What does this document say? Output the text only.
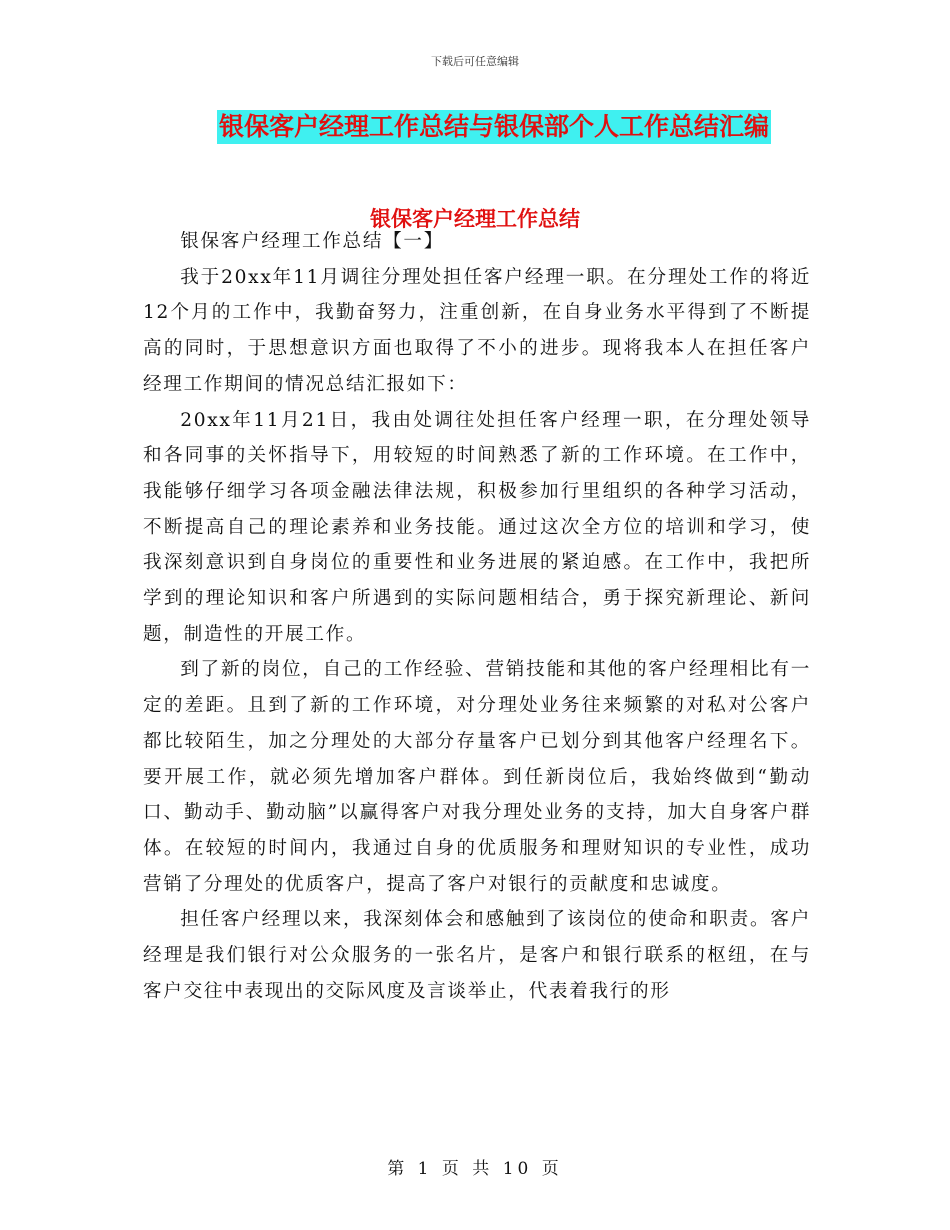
下载后可任意编辑
银保客户经理工作总结与银保部个人工作总结汇编
银保客户经理工作总结

银保客户经理工作总结【一】

我于20xx年11月调往分理处担任客户经理一职。在分理处工作的将近12个月的工作中，我勤奋努力，注重创新，在自身业务水平得到了不断提高的同时，于思想意识方面也取得了不小的进步。现将我本人在担任客户经理工作期间的情况总结汇报如下：

20xx年11月21日，我由处调往处担任客户经理一职，在分理处领导和各同事的关怀指导下，用较短的时间熟悉了新的工作环境。在工作中，我能够仔细学习各项金融法律法规，积极参加行里组织的各种学习活动，不断提高自己的理论素养和业务技能。通过这次全方位的培训和学习，使我深刻意识到自身岗位的重要性和业务进展的紧迫感。在工作中，我把所学到的理论知识和客户所遇到的实际问题相结合，勇于探究新理论、新问题，制造性的开展工作。

到了新的岗位，自己的工作经验、营销技能和其他的客户经理相比有一定的差距。且到了新的工作环境，对分理处业务往来频繁的对私对公客户都比较陌生，加之分理处的大部分存量客户已划分到其他客户经理名下。要开展工作，就必须先增加客户群体。到任新岗位后，我始终做到“勤动口、勤动手、勤动脑”以赢得客户对我分理处业务的支持，加大自身客户群体。在较短的时间内，我通过自身的优质服务和理财知识的专业性，成功营销了分理处的优质客户，提高了客户对银行的贡献度和忠诚度。

担任客户经理以来，我深刻体会和感触到了该岗位的使命和职责。客户经理是我们银行对公众服务的一张名片，是客户和银行联系的枢纽，在与客户交往中表现出的交际风度及言谈举止，代表着我行的形

第 1 页 共 10 页
